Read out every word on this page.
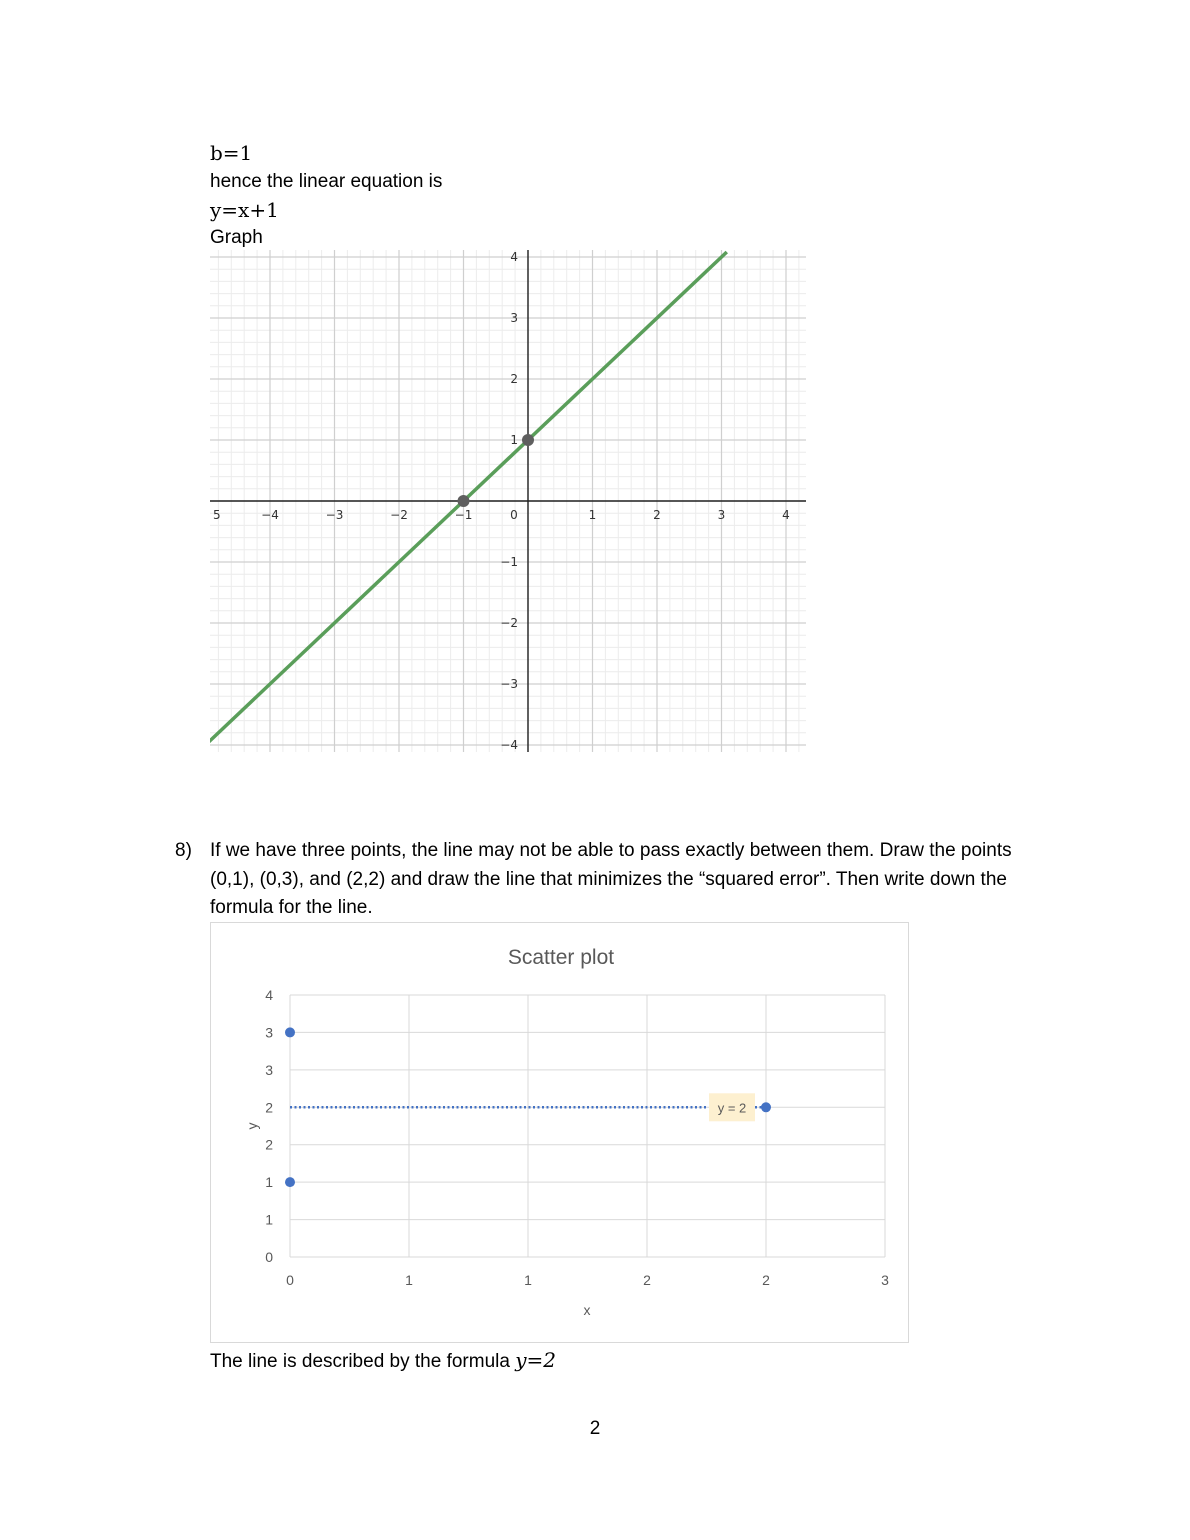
b=1
hence the linear equation is
y=x+1
Graph
5	−4	−3	−2	−1	0	1	2	3	4
4
3
2
1
−1
−2
−3
−4
8) If we have three points, the line may not be able to pass exactly between them. Draw the points (0,1), (0,3), and (2,2) and draw the line that minimizes the “squared error”. Then write down the formula for the line.
Scatter plot
0
1
1
2
2
3
3
4
0	1	1	2	2	3
x
y
y = 2
The line is described by the formula y=2
2
